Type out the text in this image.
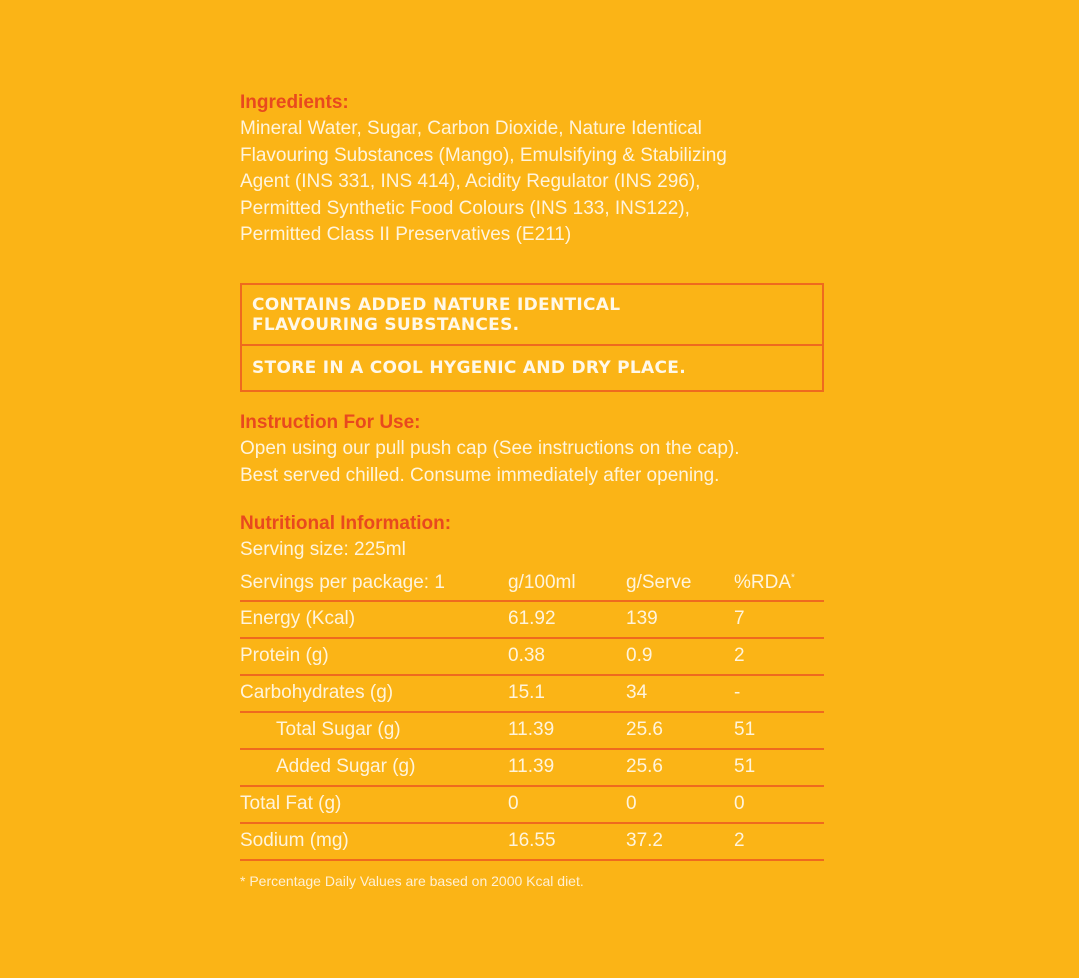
Ingredients:

Mineral Water, Sugar, Carbon Dioxide, Nature Identical

Flavouring Substances (Mango), Emulsifying & Stabilizing

Agent (INS 331, INS 414), Acidity Regulator (INS 296),

Permitted Synthetic Food Colours (INS 133, INS122),

Permitted Class II Preservatives (E211)

CONTAINS ADDED NATURE IDENTICAL
FLAVOURING SUBSTANCES.
STORE IN A COOL HYGENIC AND DRY PLACE.

Instruction For Use:

Open using our pull push cap (See instructions on the cap).

Best served chilled. Consume immediately after opening.

Nutritional Information:

Serving size: 225ml

Servings per package: 1	g/100ml	g/Serve	%RDA*
Energy (Kcal)	61.92	139	7
Protein (g)	0.38	0.9	2
Carbohydrates (g)	15.1	34	-
Total Sugar (g)	11.39	25.6	51
Added Sugar (g)	11.39	25.6	51
Total Fat (g)	0	0	0
Sodium (mg)	16.55	37.2	2

* Percentage Daily Values are based on 2000 Kcal diet.
